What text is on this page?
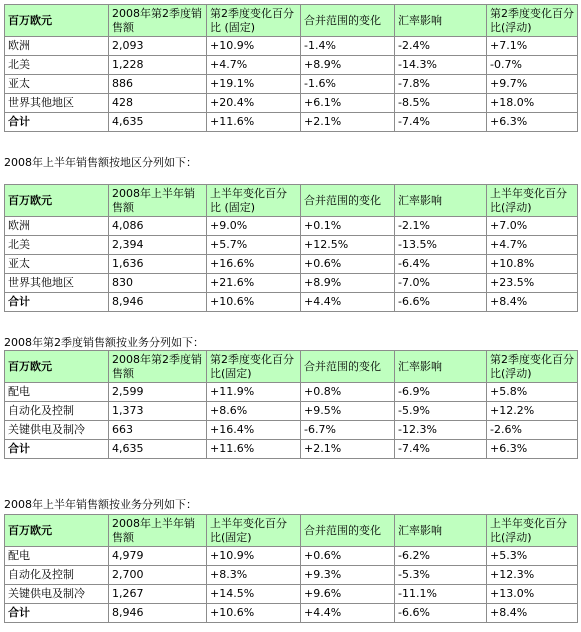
百万欧元	2008年第2季度销售额	第2季度变化百分比 (固定)	合并范围的变化	汇率影响	第2季度变化百分比(浮动)
欧洲	2,093	+10.9%	-1.4%	-2.4%	+7.1%
北美	1,228	+4.7%	+8.9%	-14.3%	-0.7%
亚太	886	+19.1%	-1.6%	-7.8%	+9.7%
世界其他地区	428	+20.4%	+6.1%	-8.5%	+18.0%
合计	4,635	+11.6%	+2.1%	-7.4%	+6.3%
2008年上半年销售额按地区分列如下：
百万欧元	2008年上半年销售额	上半年变化百分比 (固定)	合并范围的变化	汇率影响	上半年变化百分比(浮动)
欧洲	4,086	+9.0%	+0.1%	-2.1%	+7.0%
北美	2,394	+5.7%	+12.5%	-13.5%	+4.7%
亚太	1,636	+16.6%	+0.6%	-6.4%	+10.8%
世界其他地区	830	+21.6%	+8.9%	-7.0%	+23.5%
合计	8,946	+10.6%	+4.4%	-6.6%	+8.4%
2008年第2季度销售额按业务分列如下：
百万欧元	2008年第2季度销售额	第2季度变化百分比(固定)	合并范围的变化	汇率影响	第2季度变化百分比(浮动)
配电	2,599	+11.9%	+0.8%	-6.9%	+5.8%
自动化及控制	1,373	+8.6%	+9.5%	-5.9%	+12.2%
关键供电及制冷	663	+16.4%	-6.7%	-12.3%	-2.6%
合计	4,635	+11.6%	+2.1%	-7.4%	+6.3%
2008年上半年销售额按业务分列如下：
百万欧元	2008年上半年销售额	上半年变化百分比(固定)	合并范围的变化	汇率影响	上半年变化百分比(浮动)
配电	4,979	+10.9%	+0.6%	-6.2%	+5.3%
自动化及控制	2,700	+8.3%	+9.3%	-5.3%	+12.3%
关键供电及制冷	1,267	+14.5%	+9.6%	-11.1%	+13.0%
合计	8,946	+10.6%	+4.4%	-6.6%	+8.4%
